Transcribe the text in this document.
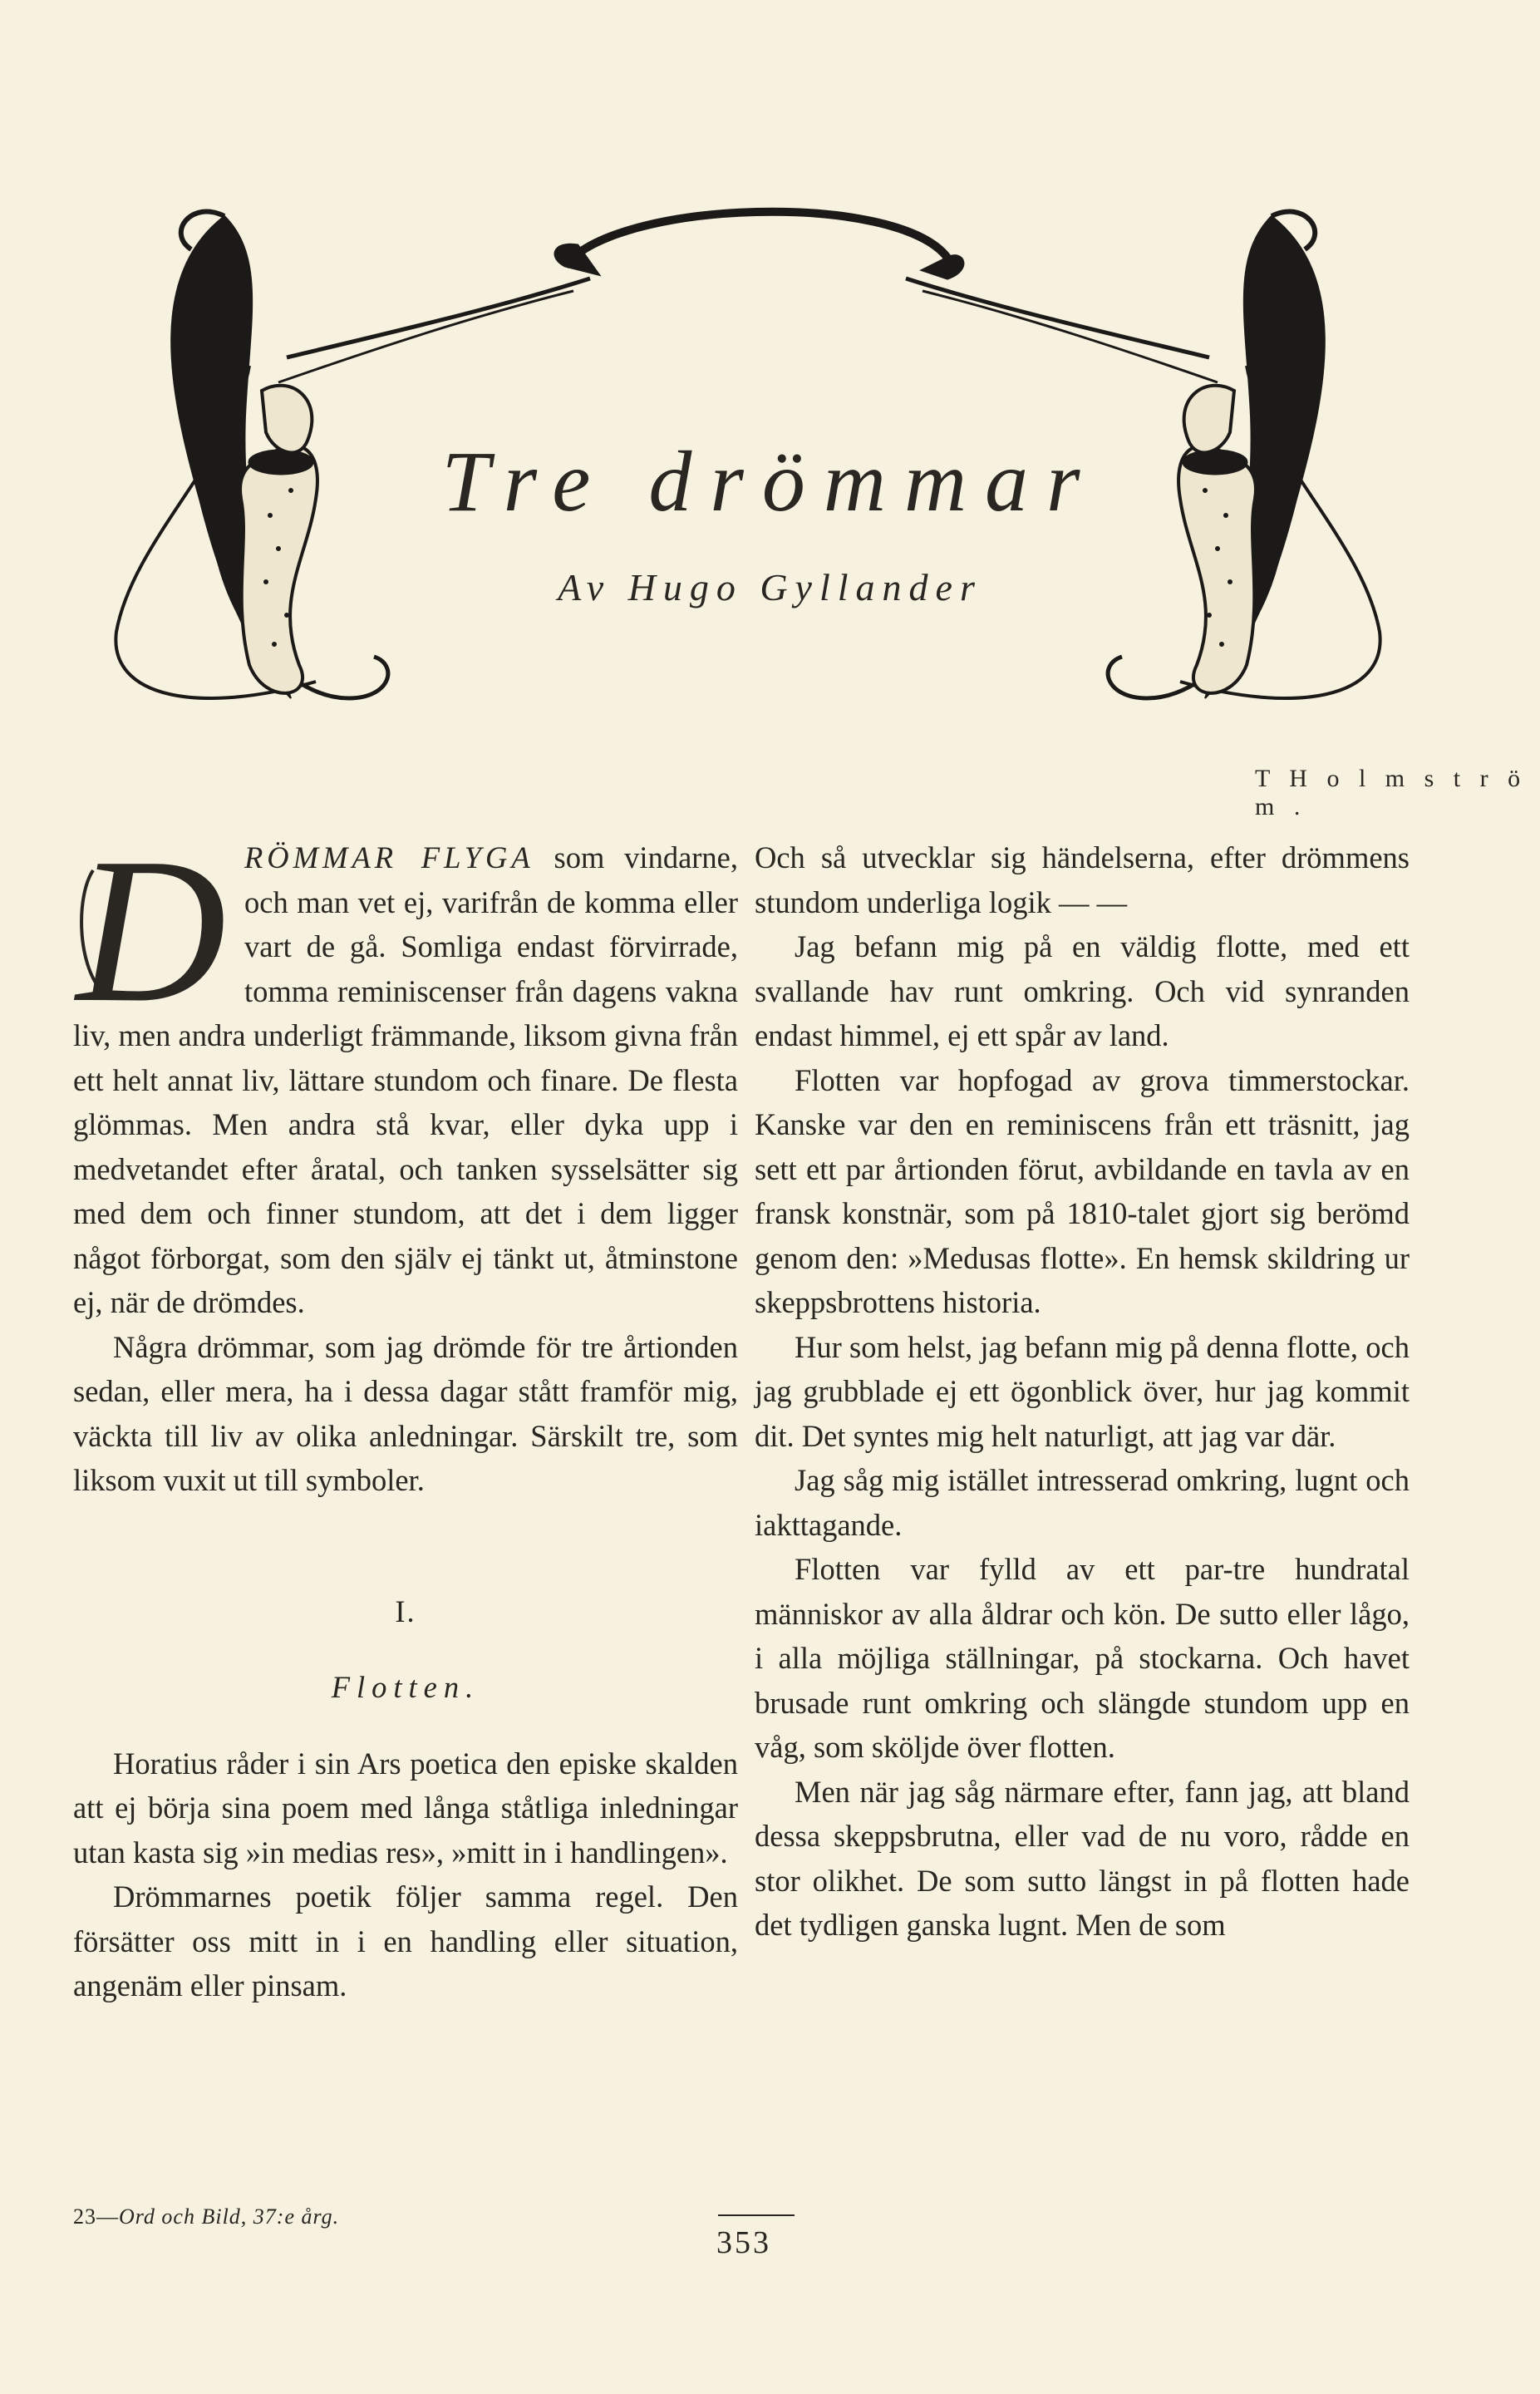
Tre drömmar
Av Hugo Gyllander
T H o l m s t r ö m .

D RÖMMAR FLYGA som vindarne, och man vet ej, varifrån de komma eller vart de gå. Somliga endast förvirrade, tomma reminiscenser från dagens vakna liv, men andra underligt främmande, liksom givna från ett helt annat liv, lättare stundom och finare. De flesta glömmas. Men andra stå kvar, eller dyka upp i medvetandet efter åratal, och tanken sysselsätter sig med dem och finner stundom, att det i dem ligger något förborgat, som den själv ej tänkt ut, åtminstone ej, när de drömdes.

Några drömmar, som jag drömde för tre årtionden sedan, eller mera, ha i dessa dagar stått framför mig, väckta till liv av olika anledningar. Särskilt tre, som liksom vuxit ut till symboler.

I.

Flotten.

Horatius råder i sin Ars poetica den episke skalden att ej börja sina poem med långa ståtliga inledningar utan kasta sig »in medias res», »mitt in i handlingen».

Drömmarnes poetik följer samma regel. Den försätter oss mitt in i en handling eller situation, angenäm eller pinsam.

Och så utvecklar sig händelserna, efter drömmens stundom underliga logik — —

Jag befann mig på en väldig flotte, med ett svallande hav runt omkring. Och vid synranden endast himmel, ej ett spår av land.

Flotten var hopfogad av grova timmerstockar. Kanske var den en reminiscens från ett träsnitt, jag sett ett par årtionden förut, avbildande en tavla av en fransk konstnär, som på 1810-talet gjort sig berömd genom den: »Medusas flotte». En hemsk skildring ur skeppsbrottens historia.

Hur som helst, jag befann mig på denna flotte, och jag grubblade ej ett ögonblick över, hur jag kommit dit. Det syntes mig helt naturligt, att jag var där.

Jag såg mig istället intresserad omkring, lugnt och iakttagande.

Flotten var fylld av ett par-tre hundratal människor av alla åldrar och kön. De sutto eller lågo, i alla möjliga ställningar, på stockarna. Och havet brusade runt omkring och slängde stundom upp en våg, som sköljde över flotten.

Men när jag såg närmare efter, fann jag, att bland dessa skeppsbrutna, eller vad de nu voro, rådde en stor olikhet. De som sutto längst in på flotten hade det tydligen ganska lugnt. Men de som

23—Ord och Bild, 37:e årg.
353
